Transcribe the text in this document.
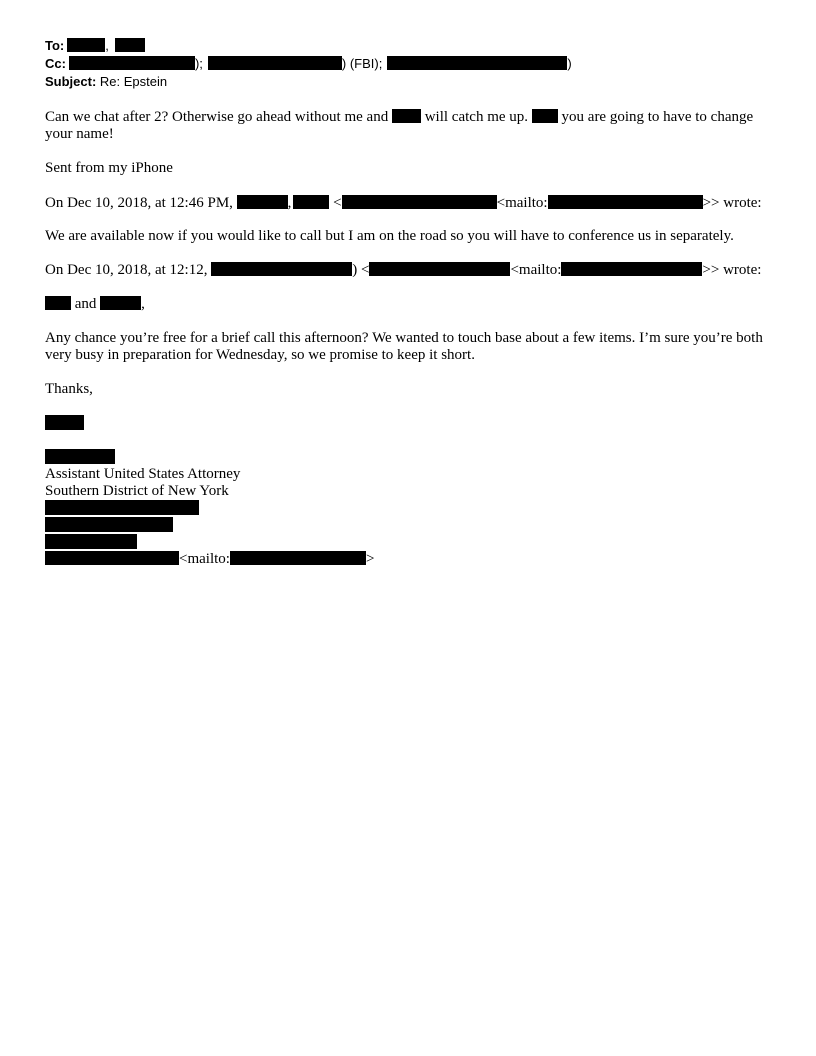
To:	,
Cc:	);	) (FBI);	)
Subject: Re: Epstein
Can we chat after 2? Otherwise go ahead without me and  will catch me up.  you are going to have to change your name!
Sent from my iPhone
On Dec 10, 2018, at 12:46 PM,	,	<	<mailto:	>> wrote:
We are available now if you would like to call but I am on the road so you will have to conference us in separately.
On Dec 10, 2018, at 12:12,	) <	<mailto:	>> wrote:
and	,
Any chance you’re free for a brief call this afternoon? We wanted to touch base about a few items. I’m sure you’re both very busy in preparation for Wednesday, so we promise to keep it short.
Thanks,
Assistant United States Attorney
Southern District of New York
<mailto:	>
